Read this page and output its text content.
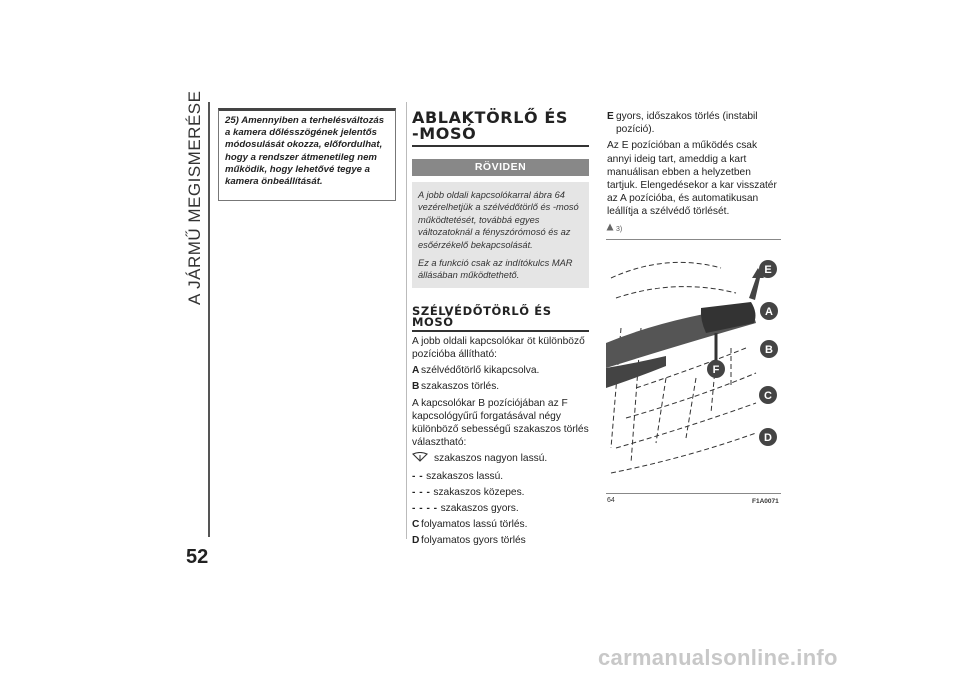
A JÁRMŰ MEGISMERÉSE
52
25) Amennyiben a terhelésváltozás a kamera dőlésszögének jelentős módosulását okozza, előfordulhat, hogy a rendszer átmenetileg nem működik, hogy lehetővé tegye a kamera önbeállítását.
ABLAKTÖRLŐ ÉS
-MOSÓ
RÖVIDEN

A jobb oldali kapcsolókarral ábra 64 vezérelhetjük a szélvédőtörlő és -mosó működtetését, továbbá egyes változatoknál a fényszórómosó és az esőérzékelő bekapcsolását.

Ez a funkció csak az indítókulcs MAR állásában működtethető.

SZÉLVÉDŐTÖRLŐ ÉS
MOSÓ

A jobb oldali kapcsolókar öt különböző pozícióba állítható:

A szélvédőtörlő kikapcsolva.
B szakaszos törlés.

A kapcsolókar B pozíciójában az F kapcsológyűrű forgatásával négy különböző sebességű szakaszos törlés választható:

szakaszos nagyon lassú.
- - szakaszos lassú.
- - - szakaszos közepes.
- - - - szakaszos gyors.
C folyamatos lassú törlés.
D folyamatos gyors törlés
E gyors, időszakos törlés (instabil pozíció).

Az E pozícióban a működés csak annyi ideig tart, ameddig a kart manuálisan ebben a helyzetben tartjuk. Elengedésekor a kar visszatér az A pozícióba, és automatikusan leállítja a szélvédő törlését.

3)
E
A
B
C
D
F
64	F1A0071
carmanualsonline.info
